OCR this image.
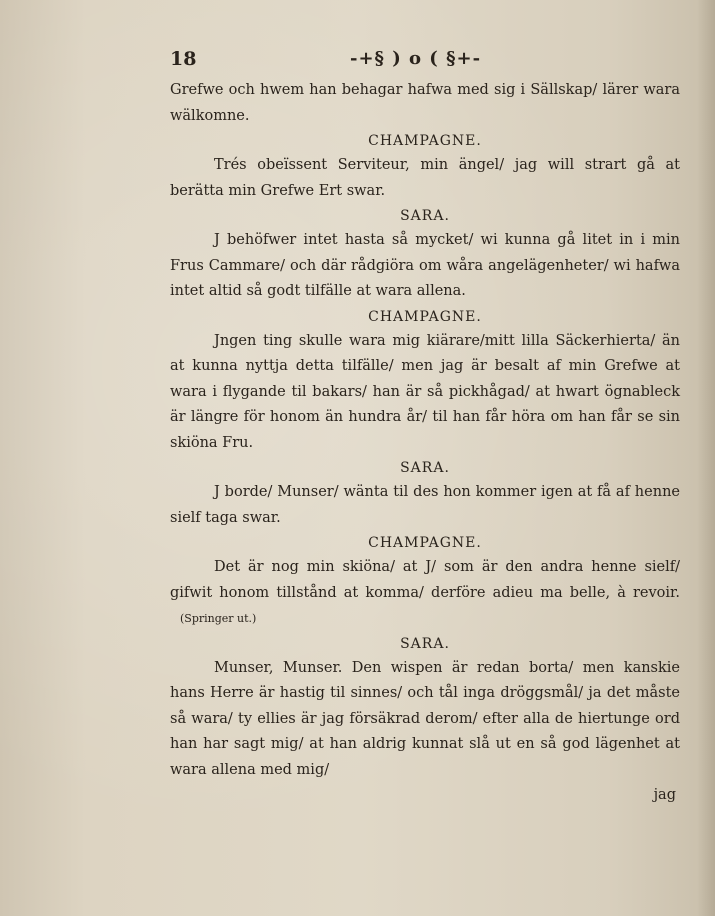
18	-+§ ) o ( §+-

Grefwe och hwem han behagar hafwa med sig i Sällskap/ lärer wara wälkomne.

CHAMPAGNE.

Trés obeïssent Serviteur, min ängel/ jag will strart gå at berätta min Grefwe Ert swar.

SARA.

J behöfwer intet hasta så mycket/ wi kunna gå litet in i min Frus Cammare/ och där rådgiöra om wåra angelägenheter/ wi hafwa intet altid så godt tilfälle at wara allena.

CHAMPAGNE.

Jngen ting skulle wara mig kiärare/mitt lilla Säckerhierta/ än at kunna nyttja detta tilfälle/ men jag är besalt af min Grefwe at wara i flygande til bakars/ han är så pickhågad/ at hwart ögnableck är längre för honom än hundra år/ til han får höra om han får se sin skiöna Fru.

SARA.

J borde/ Munser/ wänta til des hon kommer igen at få af henne sielf taga swar.

CHAMPAGNE.

Det är nog min skiöna/ at J/ som är den andra henne sielf/ gifwit honom tillstånd at komma/ derföre adieu ma belle, à revoir.(Springer ut.)

SARA.

Munser, Munser. Den wispen är redan borta/ men kanskie hans Herre är hastig til sinnes/ och tål inga dröggsmål/ ja det måste så wara/ ty ellies är jag försäkrad derom/ efter alla de hiertunge ord han har sagt mig/ at han aldrig kunnat slå ut en så god lägenhet at wara allena med mig/

jag
